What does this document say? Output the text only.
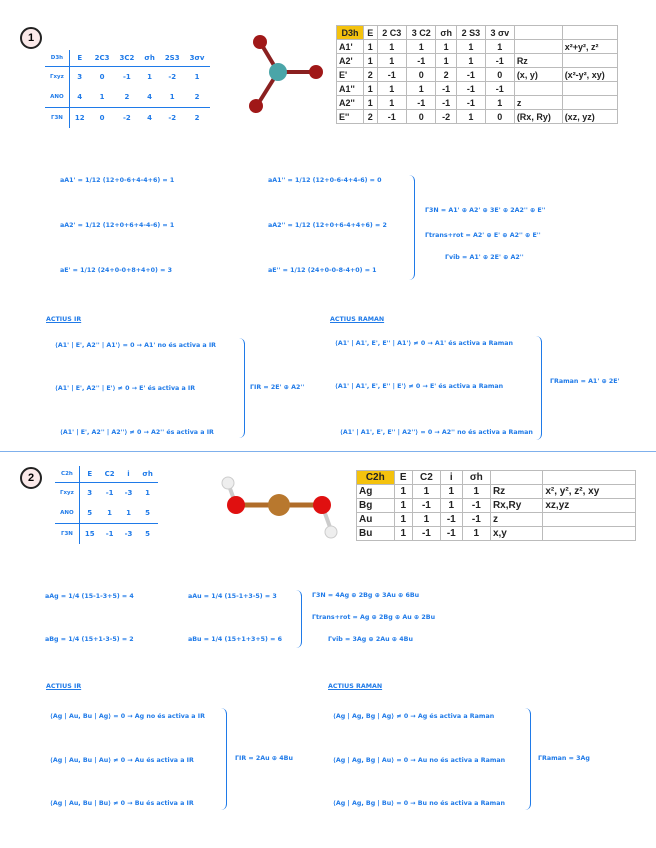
1
D3h	E	2C3	3C2	σh	2S3	3σv
Γxyz	3	0	-1	1	-2	1
ANO	4	1	2	4	1	2
Γ3N	12	0	-2	4	-2	2
D3h	E	2 C3	3 C2	σh	2 S3	3 σv		
A1'	1	1	1	1	1	1		x²+y², z²
A2'	1	1	-1	1	1	-1	Rz	
E'	2	-1	0	2	-1	0	(x, y)	(x²-y², xy)
A1''	1	1	1	-1	-1	-1		
A2''	1	1	-1	-1	-1	1	z	
E''	2	-1	0	-2	1	0	(Rx, Ry)	(xz, yz)
aA1' = 1/12 (12+0-6+4-4+6) = 1
aA2' = 1/12 (12+0+6+4-4-6) = 1
aE' = 1/12 (24+0-0+8+4+0) = 3
aA1'' = 1/12 (12+0-6-4+4-6) = 0
aA2'' = 1/12 (12+0+6-4+4+6) = 2
aE'' = 1/12 (24+0-0-8-4+0) = 1
Γ3N = A1' ⊕ A2' ⊕ 3E' ⊕ 2A2'' ⊕ E''
Γtrans+rot = A2' ⊕ E' ⊕ A2'' ⊕ E''
Γvib = A1' ⊕ 2E' ⊕ A2''
ACTIUS IR
⟨A1' | E', A2'' | A1'⟩ = 0 → A1' no és activa a IR
⟨A1' | E', A2'' | E'⟩ ≠ 0 → E' és activa a IR
⟨A1' | E', A2'' | A2''⟩ ≠ 0 → A2'' és activa a IR
ΓIR = 2E' ⊕ A2''
ACTIUS RAMAN
⟨A1' | A1', E', E'' | A1'⟩ ≠ 0 → A1' és activa a Raman
⟨A1' | A1', E', E'' | E'⟩ ≠ 0 → E' és activa a Raman
⟨A1' | A1', E', E'' | A2''⟩ = 0 → A2'' no és activa a Raman
ΓRaman = A1' ⊕ 2E'
2	C2h	E	C2	i	σh
Γxyz	3	-1	-3	1
ANO	5	1	1	5
Γ3N	15	-1	-3	5
C2h	E	C2	i	σh		
Ag	1	1	1	1	Rz	x², y², z², xy
Bg	1	-1	1	-1	Rx,Ry	xz,yz
Au	1	1	-1	-1	z	
Bu	1	-1	-1	1	x,y	
aAg = 1/4 (15-1-3+5) = 4
aBg = 1/4 (15+1-3-5) = 2
aAu = 1/4 (15-1+3-5) = 3
aBu = 1/4 (15+1+3+5) = 6
Γ3N = 4Ag ⊕ 2Bg ⊕ 3Au ⊕ 6Bu
Γtrans+rot = Ag ⊕ 2Bg ⊕ Au ⊕ 2Bu
Γvib = 3Ag ⊕ 2Au ⊕ 4Bu
ACTIUS IR
⟨Ag | Au, Bu | Ag⟩ = 0 → Ag no és activa a IR
⟨Ag | Au, Bu | Au⟩ ≠ 0 → Au és activa a IR
⟨Ag | Au, Bu | Bu⟩ ≠ 0 → Bu és activa a IR
ΓIR = 2Au ⊕ 4Bu
ACTIUS RAMAN
⟨Ag | Ag, Bg | Ag⟩ ≠ 0 → Ag és activa a Raman
⟨Ag | Ag, Bg | Au⟩ = 0 → Au no és activa a Raman
⟨Ag | Ag, Bg | Bu⟩ = 0 → Bu no és activa a Raman
ΓRaman = 3Ag
